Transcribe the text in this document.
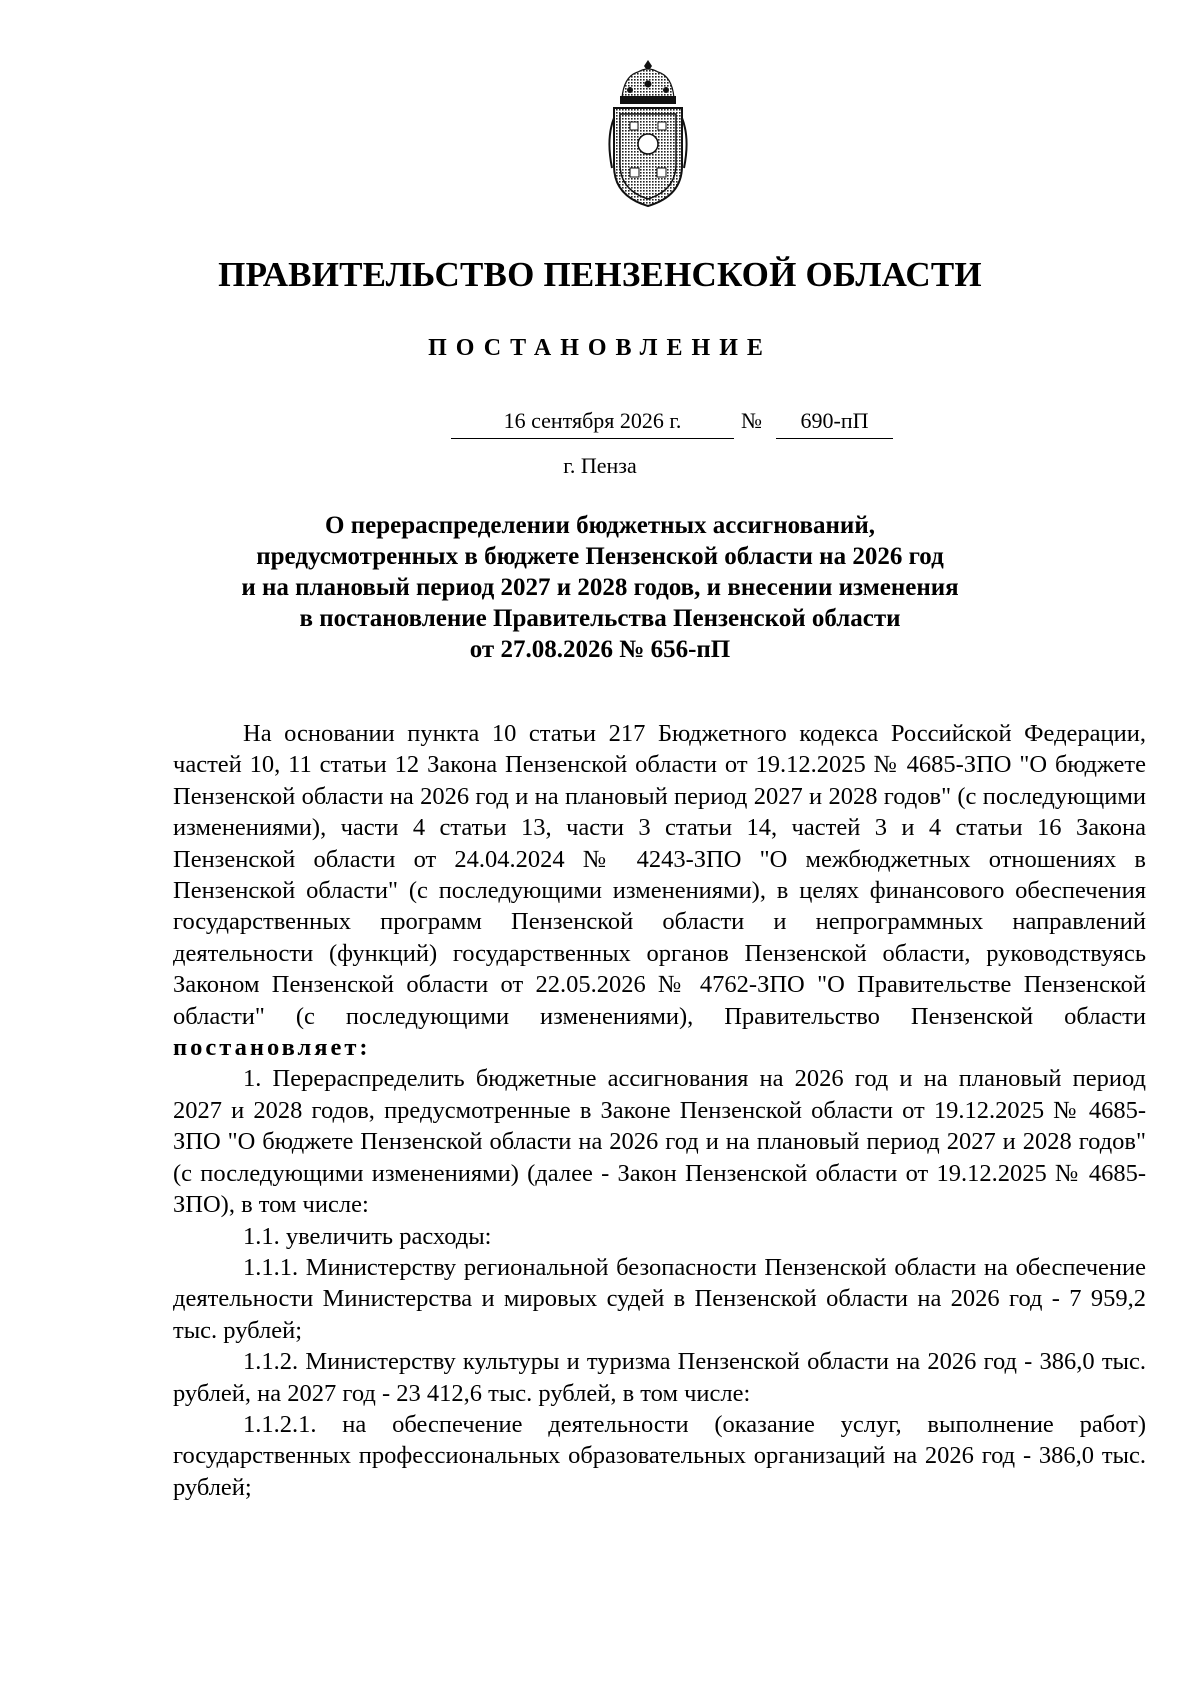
ПРАВИТЕЛЬСТВО ПЕНЗЕНСКОЙ ОБЛАСТИ
ПОСТАНОВЛЕНИЕ
16 сентября 2026 г.	№	690-пП
г. Пенза
О перераспределении бюджетных ассигнований,
предусмотренных в бюджете Пензенской области на 2026 год
и на плановый период 2027 и 2028 годов, и внесении изменения
в постановление Правительства Пензенской области
от 27.08.2026 № 656-пП

На основании пункта 10 статьи 217 Бюджетного кодекса Российской Федерации, частей 10, 11 статьи 12 Закона Пензенской области от 19.12.2025 № 4685-ЗПО "О бюджете Пензенской области на 2026 год и на плановый период 2027 и 2028 годов" (с последующими изменениями), части 4 статьи 13, части 3 статьи 14, частей 3 и 4 статьи 16 Закона Пензенской области от 24.04.2024 № 4243-ЗПО "О межбюджетных отношениях в Пензенской области" (с последующими изменениями), в целях финансового обеспечения государственных программ Пензенской области и непрограммных направлений деятельности (функций) государственных органов Пензенской области, руководствуясь Законом Пензенской области от 22.05.2026 № 4762-ЗПО "О Правительстве Пензенской области" (с последующими изменениями), Правительство Пензенской области постановляет:

1. Перераспределить бюджетные ассигнования на 2026 год и на плановый период 2027 и 2028 годов, предусмотренные в Законе Пензенской области от 19.12.2025 № 4685-ЗПО "О бюджете Пензенской области на 2026 год и на плановый период 2027 и 2028 годов" (с последующими изменениями) (далее - Закон Пензенской области от 19.12.2025 № 4685-ЗПО), в том числе:

1.1. увеличить расходы:

1.1.1. Министерству региональной безопасности Пензенской области на обеспечение деятельности Министерства и мировых судей в Пензенской области на 2026 год - 7 959,2 тыс. рублей;

1.1.2. Министерству культуры и туризма Пензенской области на 2026 год - 386,0 тыс. рублей, на 2027 год - 23 412,6 тыс. рублей, в том числе:

1.1.2.1. на обеспечение деятельности (оказание услуг, выполнение работ) государственных профессиональных образовательных организаций на 2026 год - 386,0 тыс. рублей;
